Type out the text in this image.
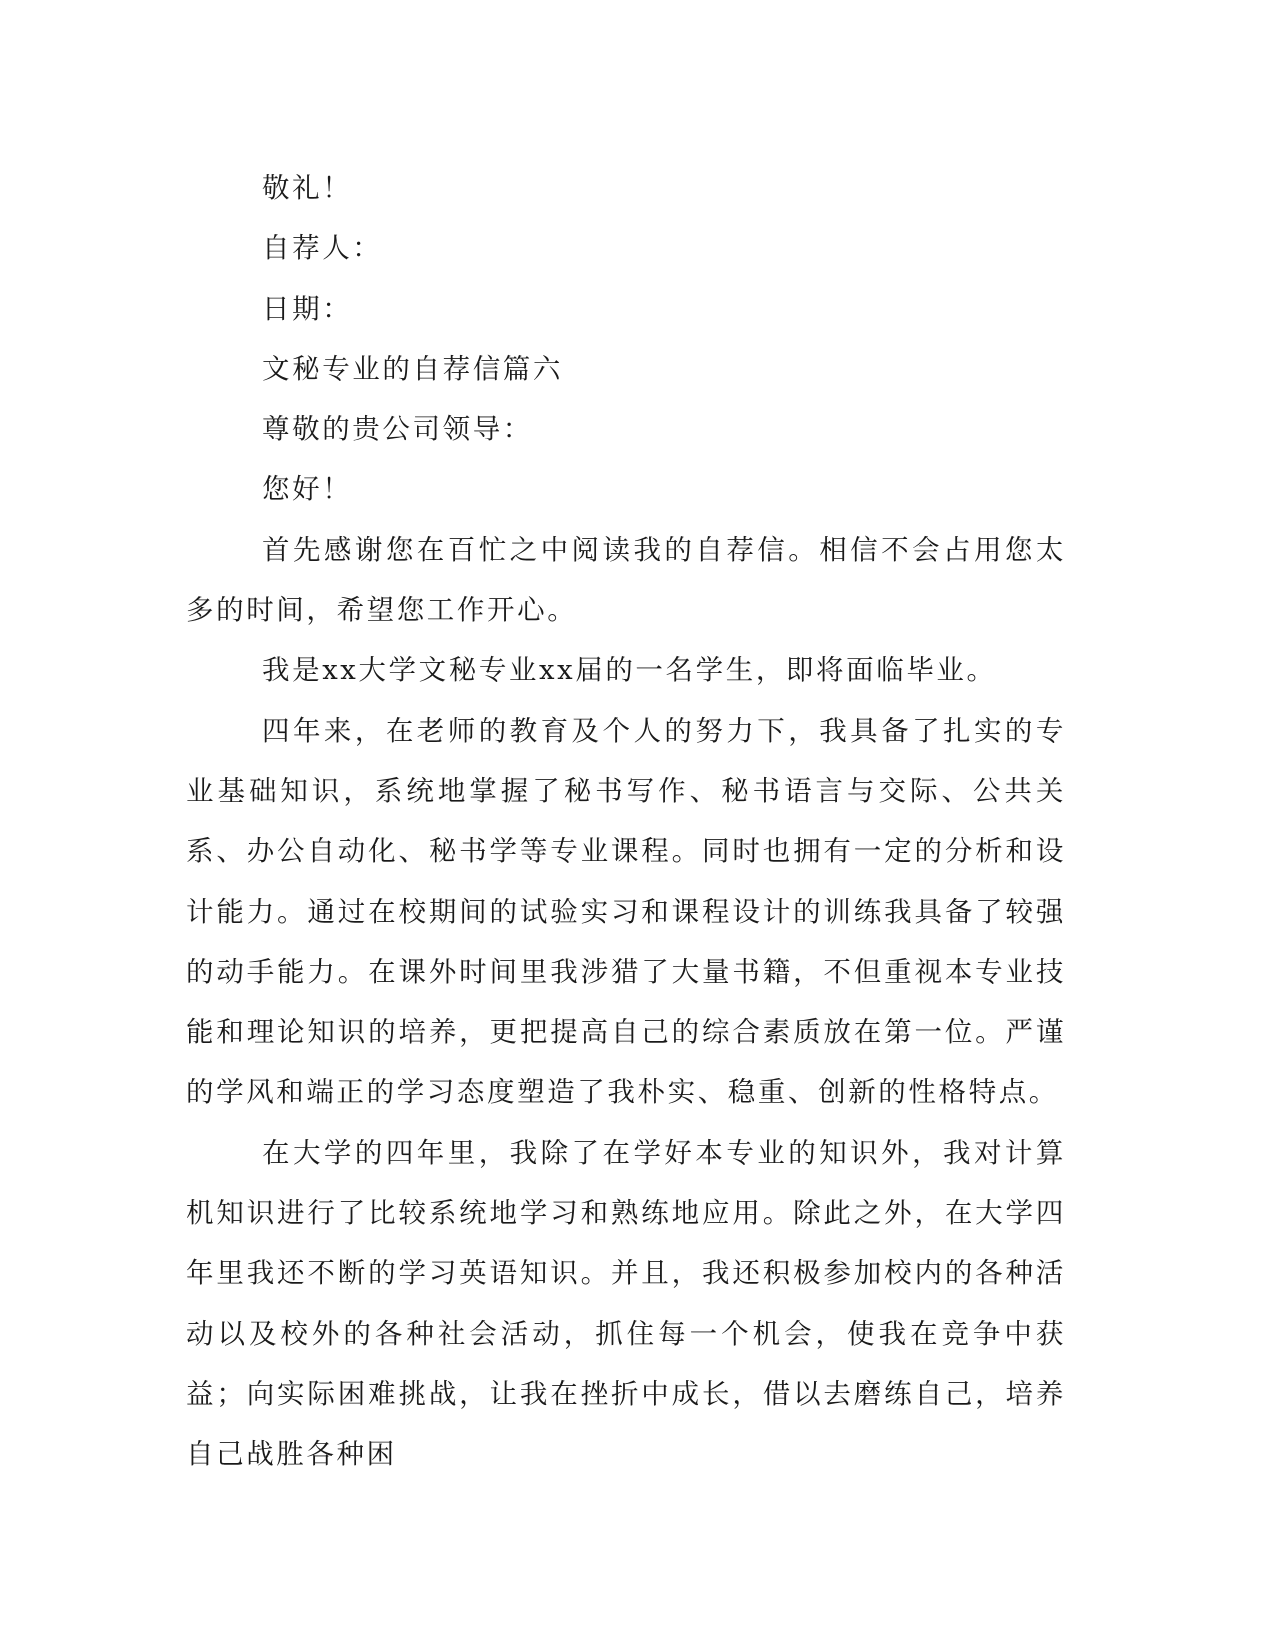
敬礼！

自荐人：

日期：

文秘专业的自荐信篇六

尊敬的贵公司领导：

您好！

首先感谢您在百忙之中阅读我的自荐信。相信不会占用您太多的时间，希望您工作开心。

我是xx大学文秘专业xx届的一名学生，即将面临毕业。

四年来，在老师的教育及个人的努力下，我具备了扎实的专业基础知识，系统地掌握了秘书写作、秘书语言与交际、公共关系、办公自动化、秘书学等专业课程。同时也拥有一定的分析和设计能力。通过在校期间的试验实习和课程设计的训练我具备了较强的动手能力。在课外时间里我涉猎了大量书籍，不但重视本专业技能和理论知识的培养，更把提高自己的综合素质放在第一位。严谨的学风和端正的学习态度塑造了我朴实、稳重、创新的性格特点。

在大学的四年里，我除了在学好本专业的知识外，我对计算机知识进行了比较系统地学习和熟练地应用。除此之外，在大学四年里我还不断的学习英语知识。并且，我还积极参加校内的各种活动以及校外的各种社会活动，抓住每一个机会，使我在竞争中获益；向实际困难挑战，让我在挫折中成长，借以去磨练自己，培养自己战胜各种困
